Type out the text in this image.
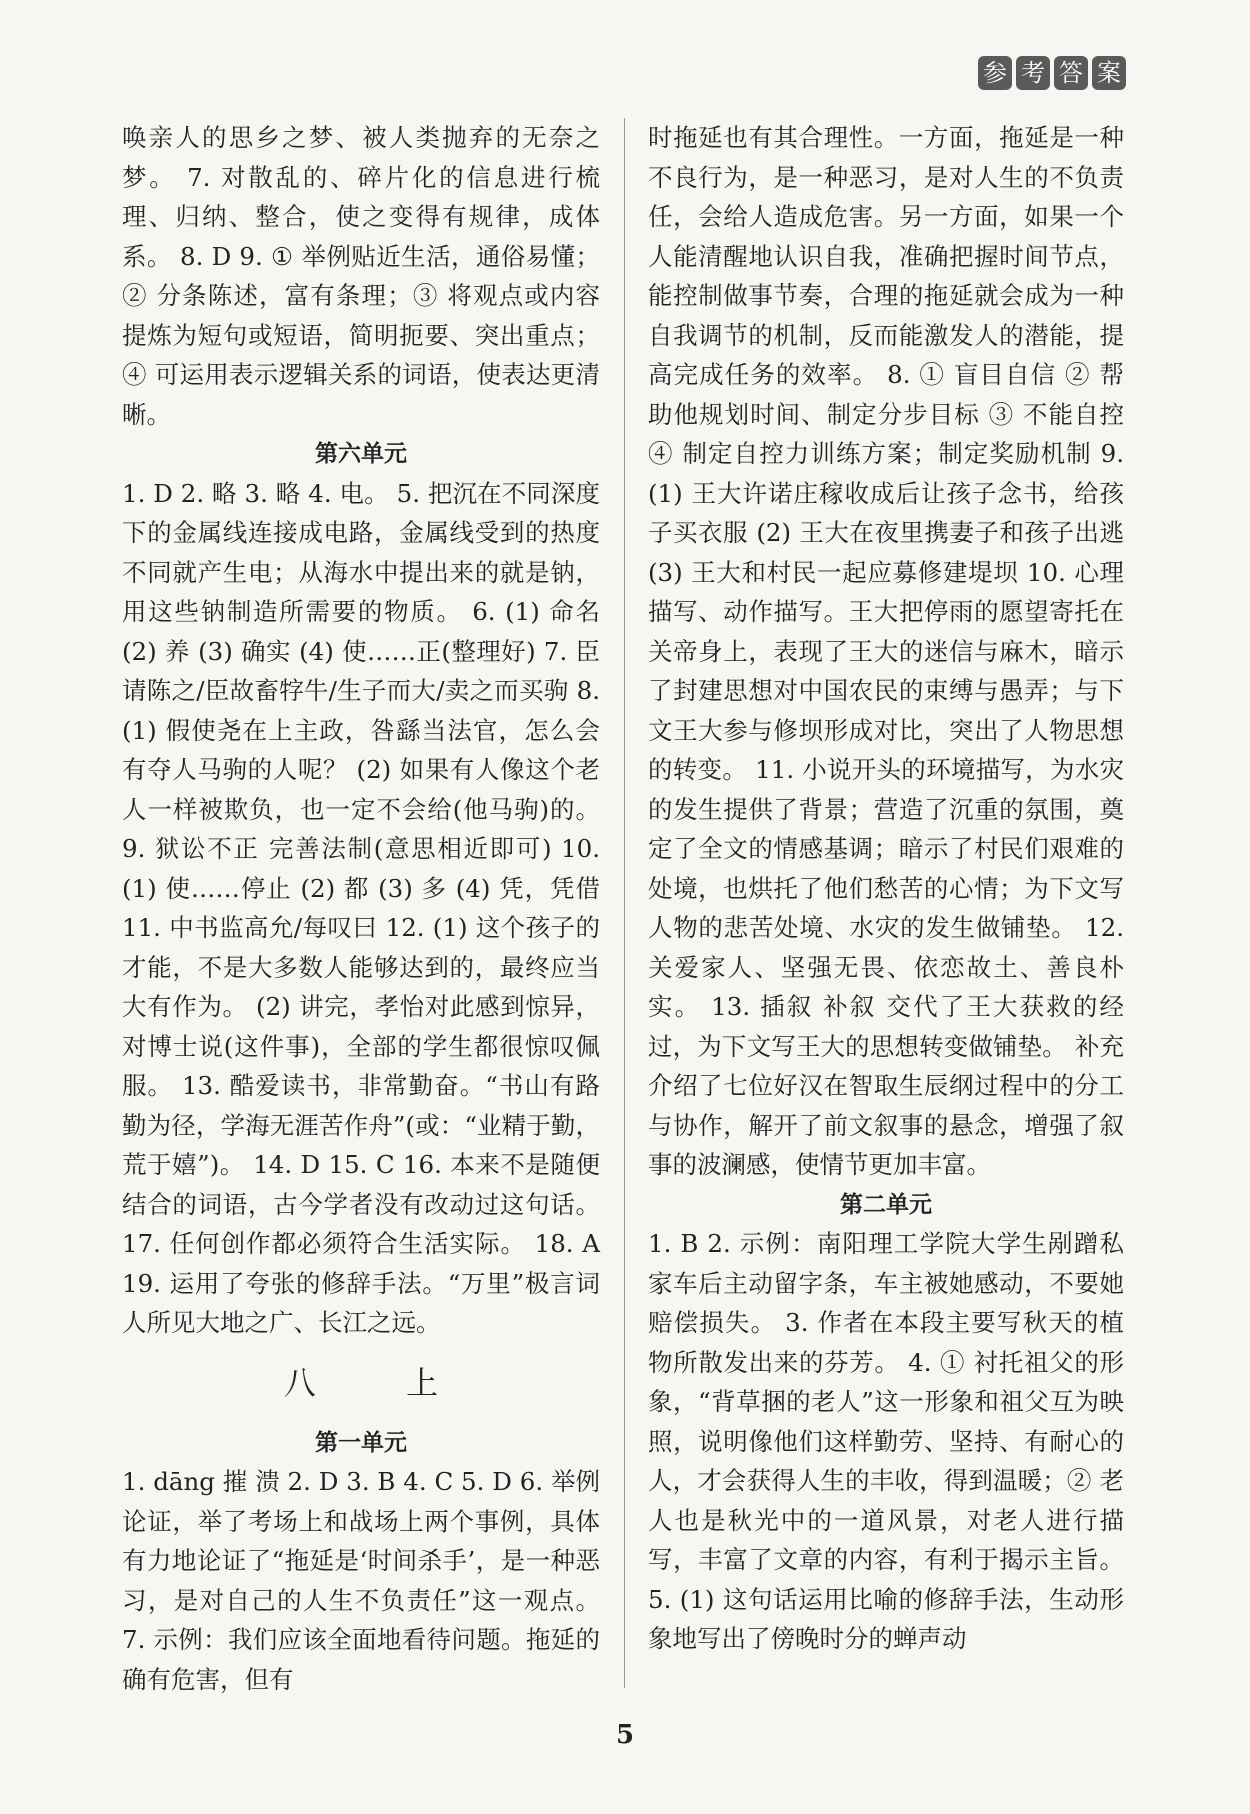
参 考 答 案

唤亲人的思乡之梦、被人类抛弃的无奈之梦。 7. 对散乱的、碎片化的信息进行梳理、归纳、整合，使之变得有规律，成体系。 8. D 9. ① 举例贴近生活，通俗易懂；② 分条陈述，富有条理；③ 将观点或内容提炼为短句或短语，简明扼要、突出重点；④ 可运用表示逻辑关系的词语，使表达更清晰。

第六单元

1. D 2. 略 3. 略 4. 电。 5. 把沉在不同深度下的金属线连接成电路，金属线受到的热度不同就产生电；从海水中提出来的就是钠，用这些钠制造所需要的物质。 6. (1) 命名 (2) 养 (3) 确实 (4) 使……正(整理好) 7. 臣请陈之/臣故畜牸牛/生子而大/卖之而买驹 8. (1) 假使尧在上主政，咎繇当法官，怎么会有夺人马驹的人呢？ (2) 如果有人像这个老人一样被欺负，也一定不会给(他马驹)的。 9. 狱讼不正 完善法制(意思相近即可) 10. (1) 使……停止 (2) 都 (3) 多 (4) 凭，凭借 11. 中书监高允/每叹曰 12. (1) 这个孩子的才能，不是大多数人能够达到的，最终应当大有作为。 (2) 讲完，孝怡对此感到惊异，对博士说(这件事)，全部的学生都很惊叹佩服。 13. 酷爱读书，非常勤奋。“书山有路勤为径，学海无涯苦作舟”(或：“业精于勤，荒于嬉”)。 14. D 15. C 16. 本来不是随便结合的词语，古今学者没有改动过这句话。 17. 任何创作都必须符合生活实际。 18. A 19. 运用了夸张的修辞手法。“万里”极言词人所见大地之广、长江之远。

八 上

第一单元

1. dāng 摧 溃 2. D 3. B 4. C 5. D 6. 举例论证，举了考场上和战场上两个事例，具体有力地论证了“拖延是‘时间杀手’，是一种恶习，是对自己的人生不负责任”这一观点。 7. 示例：我们应该全面地看待问题。拖延的确有危害，但有

时拖延也有其合理性。一方面，拖延是一种不良行为，是一种恶习，是对人生的不负责任，会给人造成危害。另一方面，如果一个人能清醒地认识自我，准确把握时间节点，能控制做事节奏，合理的拖延就会成为一种自我调节的机制，反而能激发人的潜能，提高完成任务的效率。 8. ① 盲目自信 ② 帮助他规划时间、制定分步目标 ③ 不能自控 ④ 制定自控力训练方案；制定奖励机制 9. (1) 王大许诺庄稼收成后让孩子念书，给孩子买衣服 (2) 王大在夜里携妻子和孩子出逃 (3) 王大和村民一起应募修建堤坝 10. 心理描写、动作描写。王大把停雨的愿望寄托在关帝身上，表现了王大的迷信与麻木，暗示了封建思想对中国农民的束缚与愚弄；与下文王大参与修坝形成对比，突出了人物思想的转变。 11. 小说开头的环境描写，为水灾的发生提供了背景；营造了沉重的氛围，奠定了全文的情感基调；暗示了村民们艰难的处境，也烘托了他们愁苦的心情；为下文写人物的悲苦处境、水灾的发生做铺垫。 12. 关爱家人、坚强无畏、依恋故土、善良朴实。 13. 插叙 补叙 交代了王大获救的经过，为下文写王大的思想转变做铺垫。 补充介绍了七位好汉在智取生辰纲过程中的分工与协作，解开了前文叙事的悬念，增强了叙事的波澜感，使情节更加丰富。

第二单元

1. B 2. 示例：南阳理工学院大学生剐蹭私家车后主动留字条，车主被她感动，不要她赔偿损失。 3. 作者在本段主要写秋天的植物所散发出来的芬芳。 4. ① 衬托祖父的形象，“背草捆的老人”这一形象和祖父互为映照，说明像他们这样勤劳、坚持、有耐心的人，才会获得人生的丰收，得到温暖；② 老人也是秋光中的一道风景，对老人进行描写，丰富了文章的内容，有利于揭示主旨。 5. (1) 这句话运用比喻的修辞手法，生动形象地写出了傍晚时分的蝉声动

5
